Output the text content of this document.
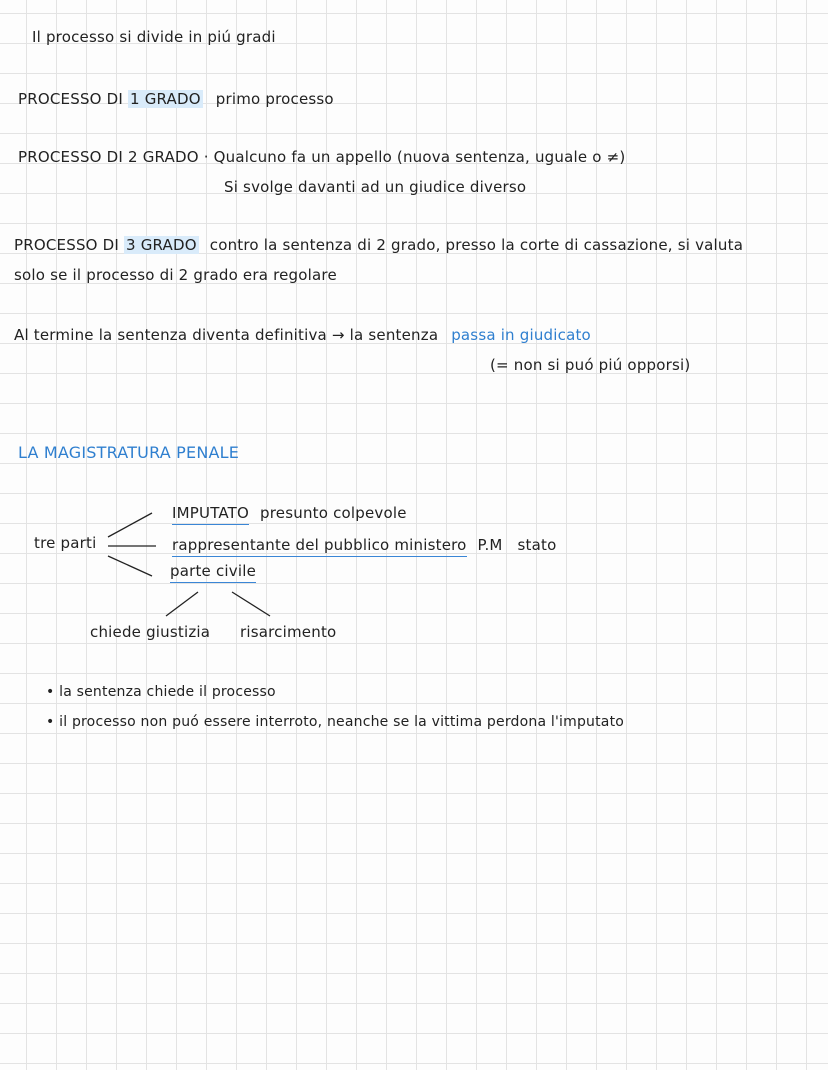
Il processo si divide in piú gradi
PROCESSO DI 1 GRADO primo processo
PROCESSO DI 2 GRADO · Qualcuno fa un appello (nuova sentenza, uguale o ≠)
Si svolge davanti ad un giudice diverso
PROCESSO DI 3 GRADO contro la sentenza di 2 grado, presso la corte di cassazione, si valuta
solo se il processo di 2 grado era regolare
Al termine la sentenza diventa definitiva → la sentenza passa in giudicato
(= non si puó piú opporsi)
LA MAGISTRATURA PENALE
tre parti
IMPUTATO presunto colpevole
rappresentante del pubblico ministero P.M stato
parte civile
chiede giustizia risarcimento
• la sentenza chiede il processo
• il processo non puó essere interroto, neanche se la vittima perdona l'imputato
